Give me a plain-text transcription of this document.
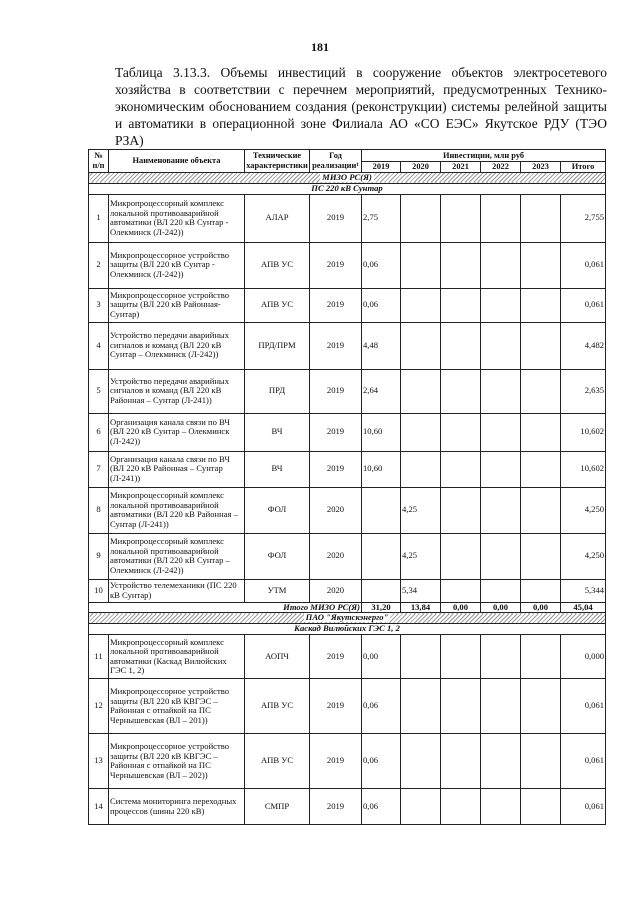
181
Таблица 3.13.3. Объемы инвестиций в сооружение объектов электросетевого хозяйства в соответствии с перечнем мероприятий, предусмотренных Технико-экономическим обоснованием создания (реконструкции) системы релейной защиты и автоматики в операционной зоне Филиала АО «СО ЕЭС» Якутское РДУ (ТЭО РЗА)
№ п/п	Наименование объекта	Технические характеристики	Год реализации¹	Инвестиции, млн руб					
				2019	2020	2021	2022	2023	Итого
МИЗО РС(Я)									
ПС 220 кВ Сунтар									
1	Микропроцессорный комплекс локальной противоаварийной автоматики (ВЛ 220 кВ Сунтар - Олекминск (Л-242))	АЛАР	2019	2,75					2,755
2	Микропроцессорное устройство защиты (ВЛ 220 кВ Сунтар - Олекминск (Л-242))	АПВ УС	2019	0,06					0,061
3	Микропроцессорное устройство защиты (ВЛ 220 кВ Районная-Сунтар)	АПВ УС	2019	0,06					0,061
4	Устройство передачи аварийных сигналов и команд (ВЛ 220 кВ Сунтар – Олекминск (Л-242))	ПРД/ПРМ	2019	4,48					4,482
5	Устройство передачи аварийных сигналов и команд (ВЛ 220 кВ Районная – Сунтар (Л-241))	ПРД	2019	2,64					2,635
6	Организация канала связи по ВЧ (ВЛ 220 кВ Сунтар – Олекминск (Л-242))	ВЧ	2019	10,60					10,602
7	Организация канала связи по ВЧ (ВЛ 220 кВ Районная – Сунтар (Л-241))	ВЧ	2019	10,60					10,602
8	Микропроцессорный комплекс локальной противоаварийной автоматики (ВЛ 220 кВ Районная – Сунтар (Л-241))	ФОЛ	2020		4,25				4,250
9	Микропроцессорный комплекс локальной противоаварийной автоматики (ВЛ 220 кВ Сунтар – Олекминск (Л-242))	ФОЛ	2020		4,25				4,250
10	Устройство телемеханики (ПС 220 кВ Сунтар)	УТМ	2020		5,34				5,344
Итого МИЗО РС(Я)				31,20	13,84	0,00	0,00	0,00	45,04
ПАО "Якутскэнерго"									
Каскад Вилюйских ГЭС 1, 2									
11	Микропроцессорный комплекс локальной противоаварийной автоматики (Каскад Вилюйских ГЭС 1, 2)	АОПЧ	2019	0,00					0,000
12	Микропроцессорное устройство защиты (ВЛ 220 кВ КВГЭС – Районная с отпайкой на ПС Чернышевская (ВЛ – 201))	АПВ УС	2019	0,06					0,061
13	Микропроцессорное устройство защиты (ВЛ 220 кВ КВГЭС – Районная с отпайкой на ПС Чернышевская (ВЛ – 202))	АПВ УС	2019	0,06					0,061
14	Система мониторинга переходных процессов (шины 220 кВ)	СМПР	2019	0,06					0,061
